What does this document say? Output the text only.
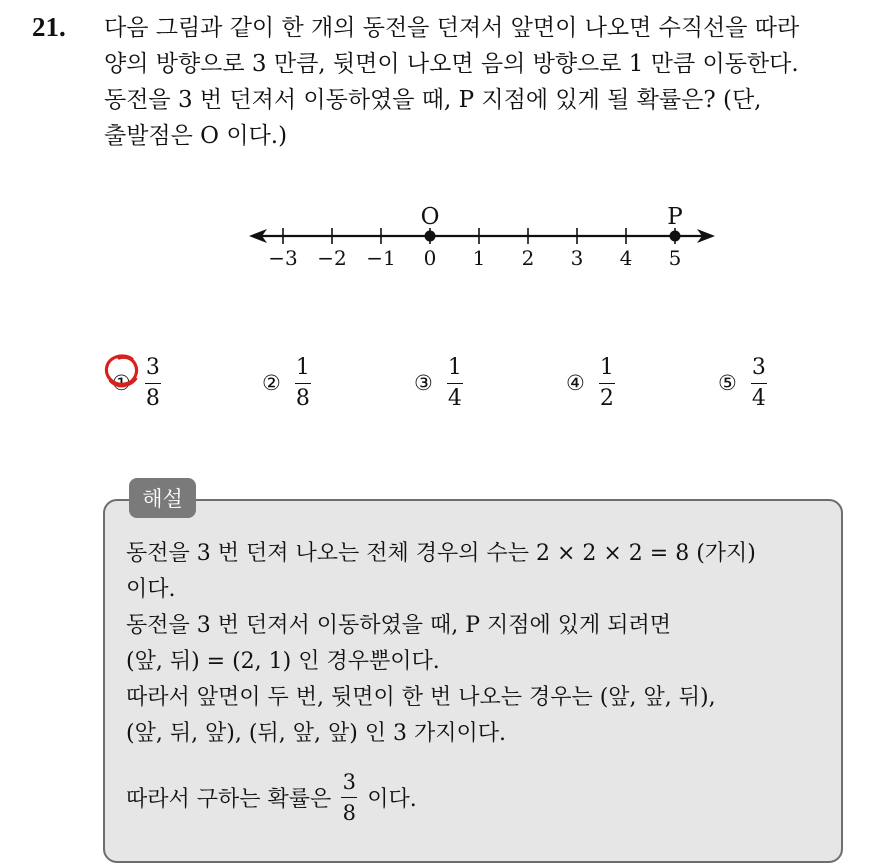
21. 다음 그림과 같이 한 개의 동전을 던져서 앞면이 나오면 수직선을 따라
양의 방향으로 3 만큼, 뒷면이 나오면 음의 방향으로 1 만큼 이동한다.
동전을 3 번 던져서 이동하였을 때, P 지점에 있게 될 확률은? (단,
출발점은 O 이다.)
−3 −2 −1 0 1 2 3 4 5
O	P
① $\frac{3}{8}$	② $\frac{1}{8}$	③ $\frac{1}{4}$	④ $\frac{1}{2}$	⑤ $\frac{3}{4}$
해설
동전을 3 번 던져 나오는 전체 경우의 수는 2 × 2 × 2 = 8 (가지)
이다.
동전을 3 번 던져서 이동하였을 때, P 지점에 있게 되려면
(앞, 뒤) = (2, 1) 인 경우뿐이다.
따라서 앞면이 두 번, 뒷면이 한 번 나오는 경우는 (앞, 앞, 뒤),
(앞, 뒤, 앞), (뒤, 앞, 앞) 인 3 가지이다.
따라서 구하는 확률은 $\frac{3}{8}$ 이다.
